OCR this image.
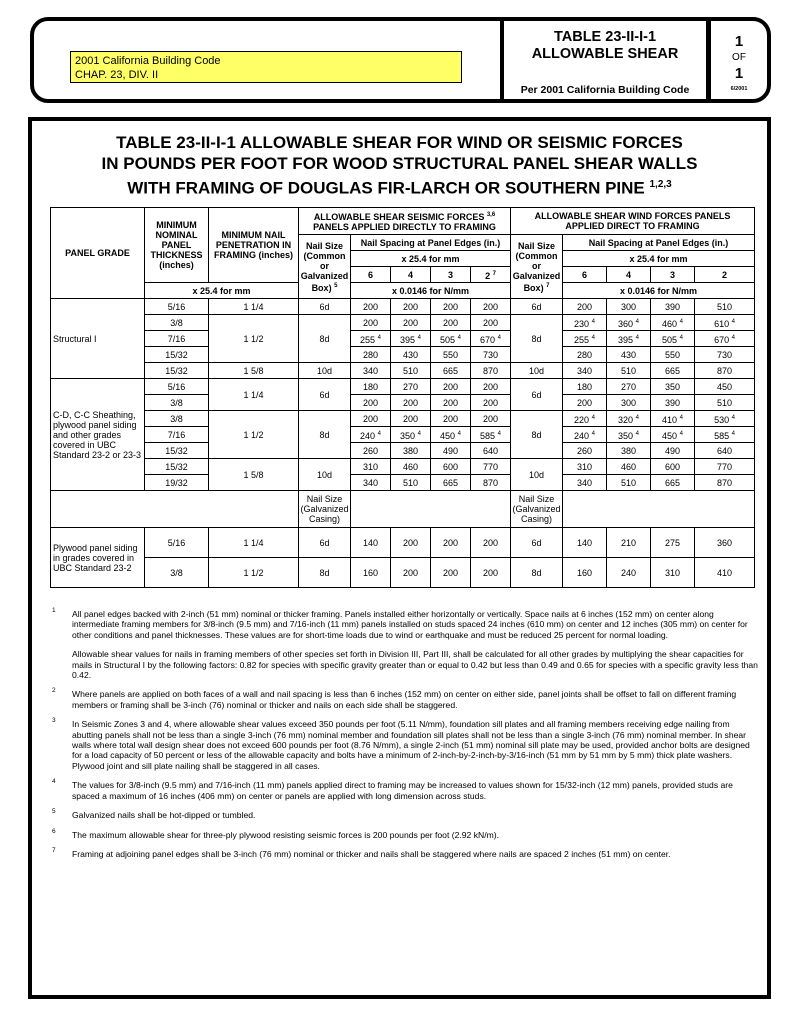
2001 California Building Code
CHAP. 23, DIV. II
TABLE 23-II-I-1
ALLOWABLE SHEAR
Per 2001 California Building Code
1
OF
1
6/2001
TABLE 23-II-I-1 ALLOWABLE SHEAR FOR WIND OR SEISMIC FORCES
IN POUNDS PER FOOT FOR WOOD STRUCTURAL PANEL SHEAR WALLS
WITH FRAMING OF DOUGLAS FIR-LARCH OR SOUTHERN PINE $^{1,2,3}$
PANEL GRADE	MINIMUM NOMINAL PANEL THICKNESS (inches)	MINIMUM NAIL PENETRATION IN FRAMING (inches)	ALLOWABLE SHEAR SEISMIC FORCES $^{3,6}$
PANELS APPLIED DIRECTLY TO FRAMING					ALLOWABLE SHEAR WIND FORCES PANELS
APPLIED DIRECT TO FRAMING				
			Nail Size (Common or Galvanized Box) $^5$	Nail Spacing at Panel Edges (in.)				Nail Size (Common or Galvanized Box) $^7$	Nail Spacing at Panel Edges (in.)			
				x 25.4 for mm					x 25.4 for mm			
				6	4	3	2 $^7$		6	4	3	2
	x 25.4 for mm			x 0.0146 for N/mm					x 0.0146 for N/mm			
Structural I	5/16	1 1/4	6d	200	200	200	200	6d	200	300	390	510
	3/8	1 1/2	8d	200	200	200	200	8d	230 $^4$	360 $^4$	460 $^4$	610 $^4$
	7/16			255 $^4$	395 $^4$	505 $^4$	670 $^4$		255 $^4$	395 $^4$	505 $^4$	670 $^4$
	15/32			280	430	550	730		280	430	550	730
	15/32	1 5/8	10d	340	510	665	870	10d	340	510	665	870
C-D, C-C Sheathing, plywood panel siding and other grades covered in UBC Standard 23-2 or 23-3	5/16	1 1/4	6d	180	270	200	200	6d	180	270	350	450
	3/8			200	200	200	200		200	300	390	510
	3/8	1 1/2	8d	200	200	200	200	8d	220 $^4$	320 $^4$	410 $^4$	530 $^4$
	7/16			240 $^4$	350 $^4$	450 $^4$	585 $^4$		240 $^4$	350 $^4$	450 $^4$	585 $^4$
	15/32			260	380	490	640		260	380	490	640
	15/32	1 5/8	10d	310	460	600	770	10d	310	460	600	770
	19/32			340	510	665	870		340	510	665	870
			Nail Size (Galvanized Casing)					Nail Size (Galvanized Casing)				
Plywood panel siding in grades covered in UBC Standard 23-2	5/16	1 1/4	6d	140	200	200	200	6d	140	210	275	360
	3/8	1 1/2	8d	160	200	200	200	8d	160	240	310	410
1 All panel edges backed with 2-inch (51 mm) nominal or thicker framing. Panels installed either horizontally or vertically. Space nails at 6 inches (152 mm) on center along intermediate framing members for 3/8-inch (9.5 mm) and 7/16-inch (11 mm) panels installed on studs spaced 24 inches (610 mm) on center and 12 inches (305 mm) on center for other conditions and panel thicknesses. These values are for short-time loads due to wind or earthquake and must be reduced 25 percent for normal loading.
Allowable shear values for nails in framing members of other species set forth in Division III, Part III, shall be calculated for all other grades by multiplying the shear capacities for mails in Structural I by the following factors: 0.82 for species with specific gravity greater than or equal to 0.42 but less than 0.49 and 0.65 for species with a specific gravity less than 0.42.
2 Where panels are applied on both faces of a wall and nail spacing is less than 6 inches (152 mm) on center on either side, panel joints shall be offset to fall on different framing members or framing shall be 3-inch (76) nominal or thicker and nails on each side shall be staggered.
3 In Seismic Zones 3 and 4, where allowable shear values exceed 350 pounds per foot (5.11 N/mm), foundation sill plates and all framing members receiving edge nailing from abutting panels shall not be less than a single 3-inch (76 mm) nominal member and foundation sill plates shall not be less than a single 3-inch (76 mm) nominal member. In shear walls where total wall design shear does not exceed 600 pounds per foot (8.76 N/mm), a single 2-inch (51 mm) nominal sill plate may be used, provided anchor bolts are designed for a load capacity of 50 percent or less of the allowable capacity and bolts have a minimum of 2-inch-by-2-inch-by-3/16-inch (51 mm by 51 mm by 5 mm) thick plate washers. Plywood joint and sill plate nailing shall be staggered in all cases.
4 The values for 3/8-inch (9.5 mm) and 7/16-inch (11 mm) panels applied direct to framing may be increased to values shown for 15/32-inch (12 mm) panels, provided studs are spaced a maximum of 16 inches (406 mm) on center or panels are applied with long dimension across studs.
5 Galvanized nails shall be hot-dipped or tumbled.
6 The maximum allowable shear for three-ply plywood resisting seismic forces is 200 pounds per foot (2.92 kN/m).
7 Framing at adjoining panel edges shall be 3-inch (76 mm) nominal or thicker and nails shall be staggered where nails are spaced 2 inches (51 mm) on center.
